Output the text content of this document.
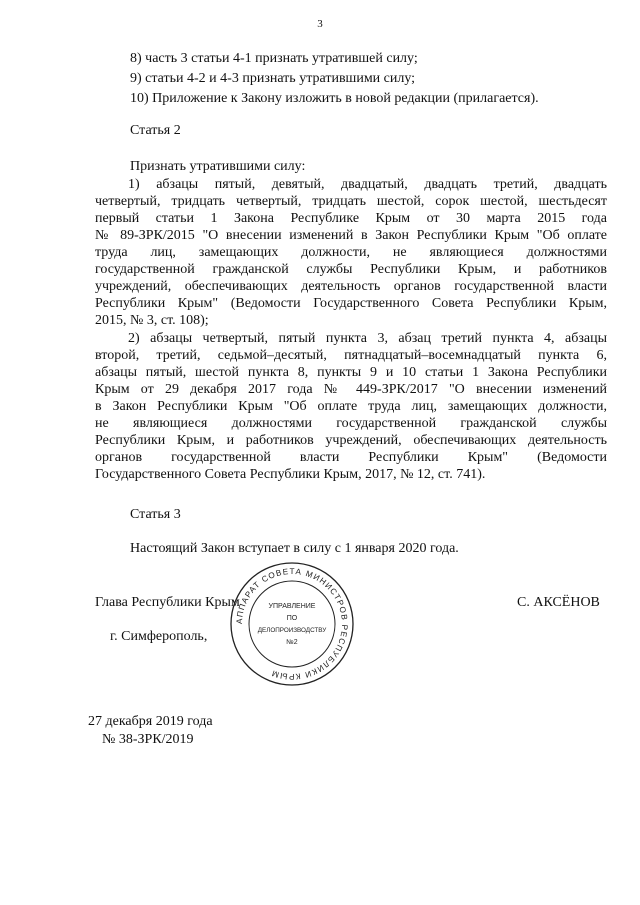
3
8) часть 3 статьи 4-1 признать утратившей силу;
9) статьи 4-2 и 4-3 признать утратившими силу;
10) Приложение к Закону изложить в новой редакции (прилагается).
Статья 2
Признать утратившими силу:
1) абзацы пятый, девятый, двадцатый, двадцать третий, двадцать
четвертый, тридцать четвертый, тридцать шестой, сорок шестой, шестьдесят
первый статьи 1 Закона Республике Крым от 30 марта 2015 года
№ 89-ЗРК/2015 "О внесении изменений в Закон Республики Крым "Об оплате
труда лиц, замещающих должности, не являющиеся должностями
государственной гражданской службы Республики Крым, и работников
учреждений, обеспечивающих деятельность органов государственной власти
Республики Крым" (Ведомости Государственного Совета Республики Крым,
2015, № 3, ст. 108);
2) абзацы четвертый, пятый пункта 3, абзац третий пункта 4, абзацы
второй, третий, седьмой–десятый, пятнадцатый–восемнадцатый пункта 6,
абзацы пятый, шестой пункта 8, пункты 9 и 10 статьи 1 Закона Республики
Крым от 29 декабря 2017 года № 449-ЗРК/2017 "О внесении изменений
в Закон Республики Крым "Об оплате труда лиц, замещающих должности,
не являющиеся должностями государственной гражданской службы
Республики Крым, и работников учреждений, обеспечивающих деятельность
органов государственной власти Республики Крым" (Ведомости
Государственного Совета Республики Крым, 2017, № 12, ст. 741).
Статья 3
Настоящий Закон вступает в силу с 1 января 2020 года.
Глава Республики Крым	С. АКСЁНОВ
г. Симферополь,
27 декабря 2019 года
№ 38-ЗРК/2019
АППАРАТ СОВЕТА МИНИСТРОВ РЕСПУБЛИКИ КРЫМ
УПРАВЛЕНИЕ
ПО
ДЕЛОПРОИЗВОДСТВУ
№2
